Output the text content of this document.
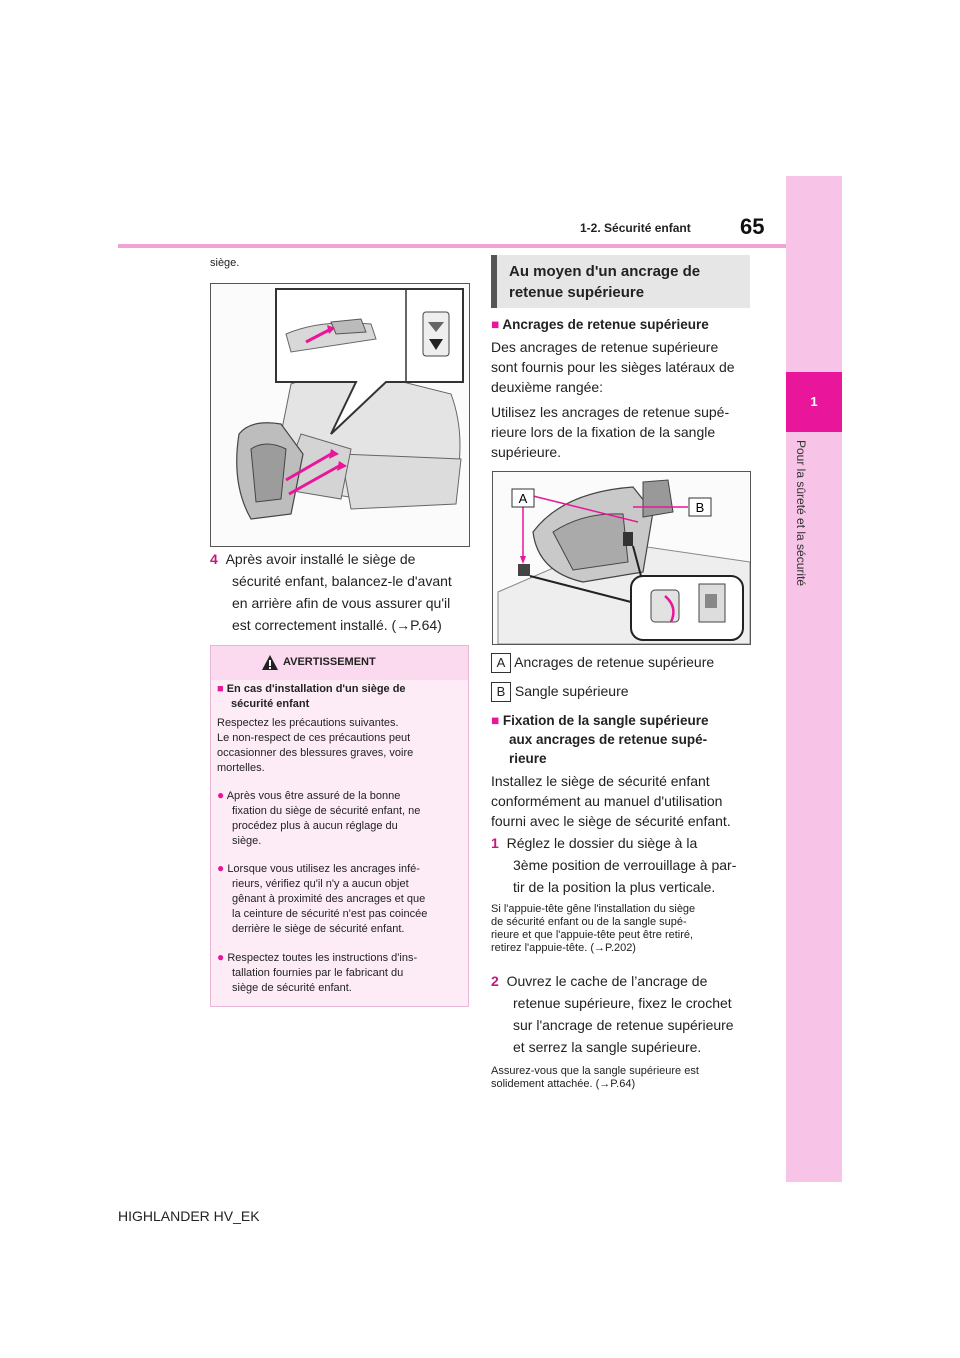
1-2. Sécurité enfant 65
1
Pour la sûreté et la sécurité
siège.
4 Après avoir installé le siège de
sécurité enfant, balancez-le d'avant
en arrière afin de vous assurer qu'il
est correctement installé. (→P.64)
AVERTISSEMENT
■ En cas d'installation d'un siège de
sécurité enfant
Respectez les précautions suivantes.
Le non-respect de ces précautions peut
occasionner des blessures graves, voire
mortelles.
● Après vous être assuré de la bonne
fixation du siège de sécurité enfant, ne
procédez plus à aucun réglage du
siège.
● Lorsque vous utilisez les ancrages infé-
rieurs, vérifiez qu'il n'y a aucun objet
gênant à proximité des ancrages et que
la ceinture de sécurité n'est pas coincée
derrière le siège de sécurité enfant.
● Respectez toutes les instructions d'ins-
tallation fournies par le fabricant du
siège de sécurité enfant.
Au moyen d'un ancrage de
retenue supérieure
■ Ancrages de retenue supérieure
Des ancrages de retenue supérieure
sont fournis pour les sièges latéraux de
deuxième rangée:
Utilisez les ancrages de retenue supé-
rieure lors de la fixation de la sangle
supérieure.
A
B
A Ancrages de retenue supérieure
B Sangle supérieure
■ Fixation de la sangle supérieure
aux ancrages de retenue supé-
rieure
Installez le siège de sécurité enfant
conformément au manuel d'utilisation
fourni avec le siège de sécurité enfant.
1 Réglez le dossier du siège à la
3ème position de verrouillage à par-
tir de la position la plus verticale.
Si l'appuie-tête gêne l'installation du siège
de sécurité enfant ou de la sangle supé-
rieure et que l'appuie-tête peut être retiré,
retirez l'appuie-tête. (→P.202)
2 Ouvrez le cache de l’ancrage de
retenue supérieure, fixez le crochet
sur l'ancrage de retenue supérieure
et serrez la sangle supérieure.
Assurez-vous que la sangle supérieure est
solidement attachée. (→P.64)
HIGHLANDER HV_EK
